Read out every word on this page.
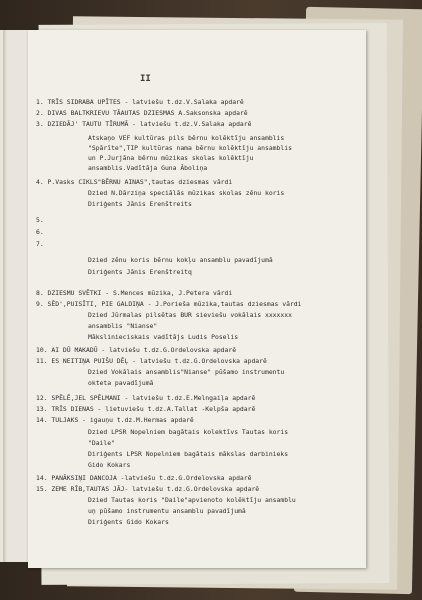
II
1. TRĪS SIDRABA UPĪTES - latviešu t.dz.V.Salaka apdarē
2. DIVAS BALTKRIEVU TĀAUTAS DZIESMAS A.Saksonska apdarē
3. DZIEDĀJ' TAUTU TĪRUMĀ - latviešu t.dz.V.Salaka apdarē
Atskaņo VEF kultūras pils bērnu kolēktīju ansamblis
"Spārīte",TIP kultūras nama bērnu kolēktīju ansamblis
un P.Jurjāna bērnu mūzikas skolas kolēktīju
ansamblis.Vadītāja Guna Āboliņa
4. P.Vasks CIKLS"BĒRNU AINAS",tautas dziesmas vārdi
Dzied N.Dārziņa speciālās mūzikas skolas zēnu koris
Diriģents Jānis Erenštreits
5.
6.
7.
Dzied zēnu koris bērnu kokļu ansamblu pavadījumā
Diriģents Jānis Erenštreitq
8. DZIESMU SVĒTKI - S.Mences mūzika, J.Petera vārdi
9. SĒD',PUISĪTI, PIE GALDIŅA - J.Porieša mūzika,tautas dziesmas vārdi
Dzied Jūrmalas pilsētas BUR sieviešu vokālais xxxxxxx
ansamblis "Nianse"
Mākslinieciskais vadītājs Ludis Poselis
10. AI DŪ MAKADŪ - latviešu t.dz.G.Ordelovska apdarē
11. ES NEITIŅA PUIŠU DĒĻ - latviešu t.dz.G.Ordelovska apdarē
Dzied Vokālais ansamblis"Nianse" pūšamo instrumentu
okteta pavadījumā
12. SPĒLĒ,JEL SPĒLMANI - latviešu t.dz.E.Melngaiļa apdarē
13. TRĪS DIENAS - lietuviešu t.dz.A.Tallat -Kelpša apdarē
14. TULJAKS - igauņu t.dz.M.Hermas apdarē
Dzied LPSR Nopelniem bagātais kolektīvs Tautas koris
"Daile"
Diriģents LPSR Nopelniem bagātais mākslas darbinieks
Gido Kokars
14. PANĀKSIŅI DANCOJA -latviešu t.dz.G.Ordelovska apdarē
15. ZEME RĪB,TAUTAS JĀJ- latviešu t.dz.G.Ordelovska apdarē
Dzied Tautas koris "Daile"apvienoto kolēktīju ansamblu
uņ pūšamo instrumentu ansamblu pavadījumā
Diriģents Gido Kokars
